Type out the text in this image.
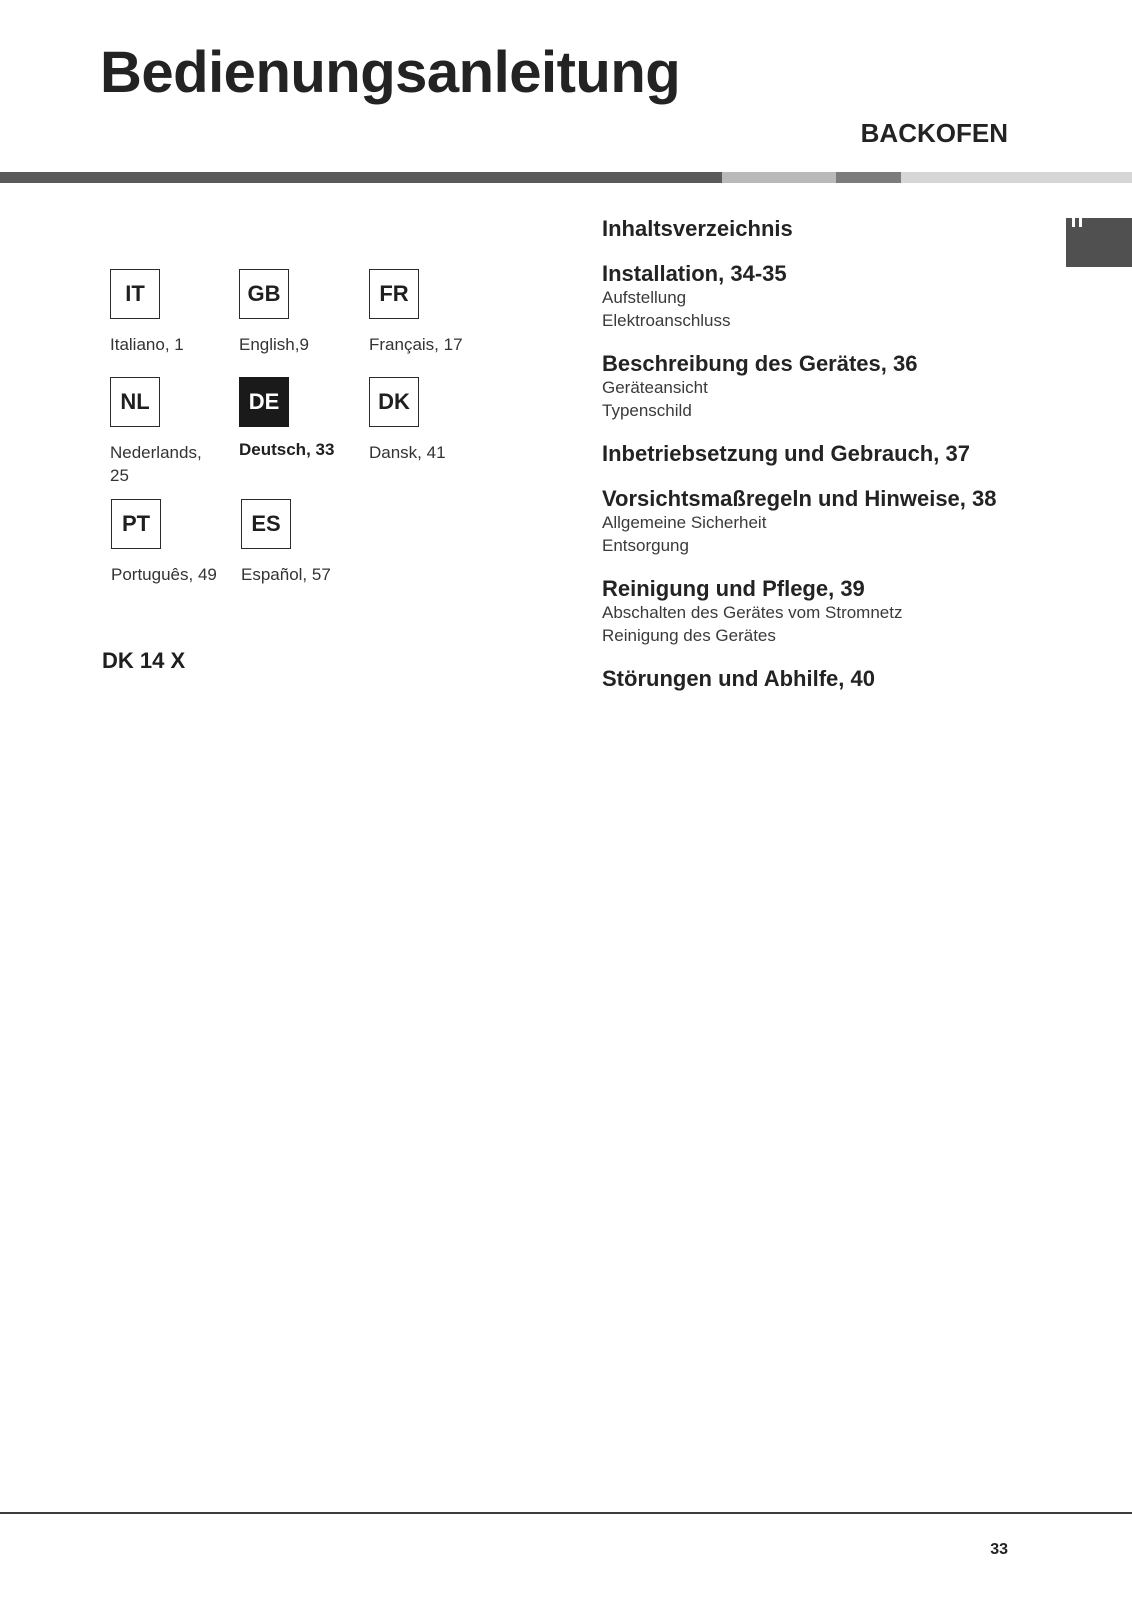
Bedienungsanleitung
BACKOFEN
IT
Italiano, 1
GB
English,9
FR
Français, 17
NL
Nederlands, 25
DE
Deutsch, 33
DK
Dansk, 41
PT
Português, 49
ES
Español, 57
DK 14 X
Inhaltsverzeichnis
Installation, 34-35
Aufstellung
Elektroanschluss
Beschreibung des Gerätes, 36
Geräteansicht
Typenschild
Inbetriebsetzung und Gebrauch, 37
Vorsichtsmaßregeln und Hinweise, 38
Allgemeine Sicherheit
Entsorgung
Reinigung und Pflege, 39
Abschalten des Gerätes vom Stromnetz
Reinigung des Gerätes
Störungen und Abhilfe, 40
33
